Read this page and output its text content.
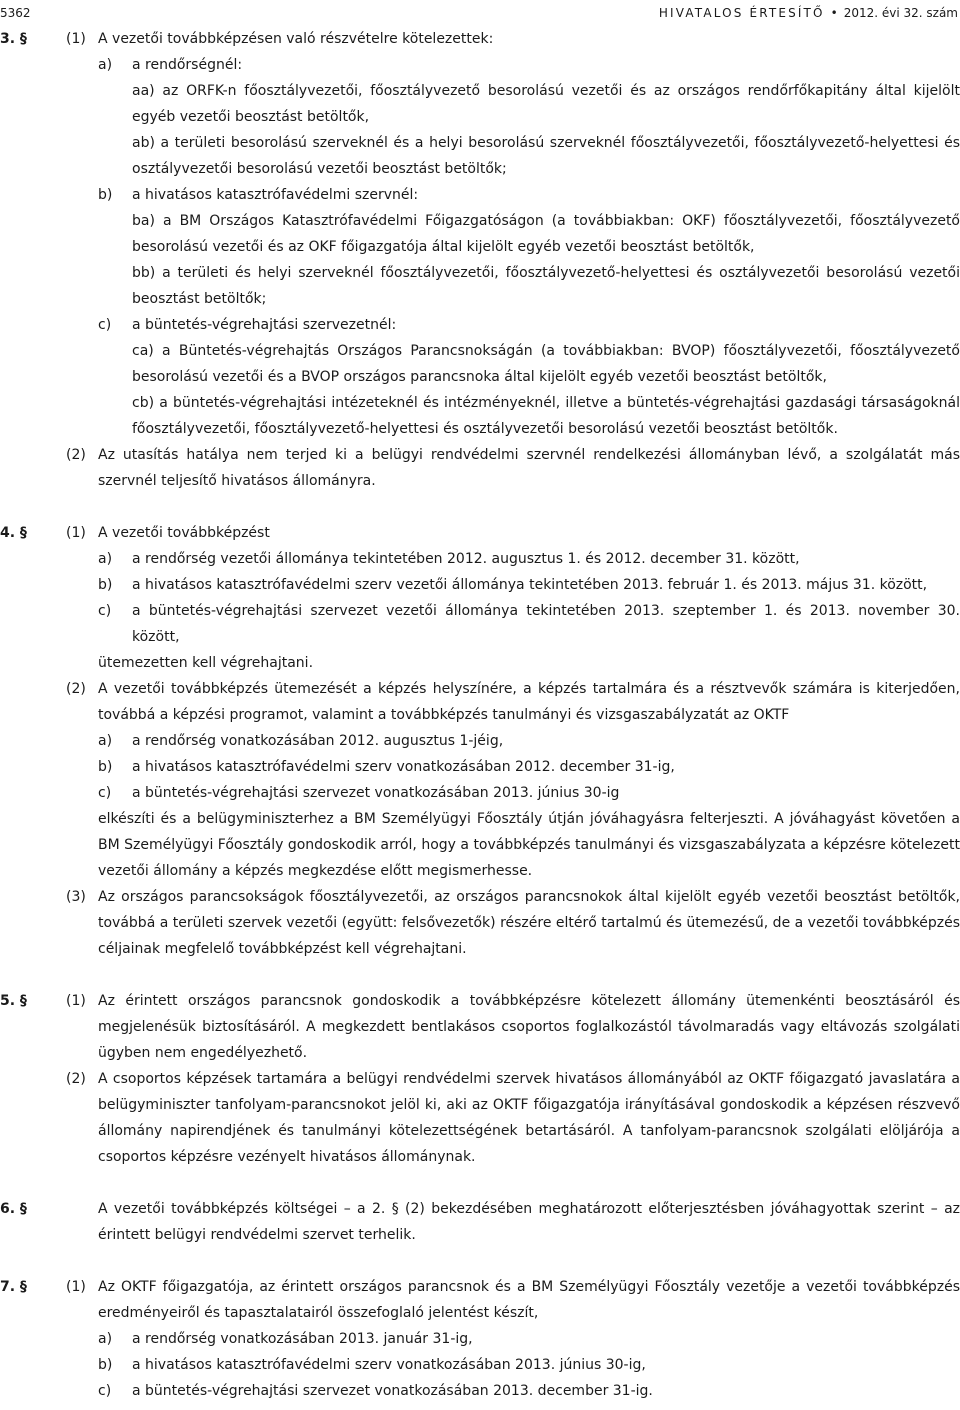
5362	HIVATALOS ÉRTESÍTŐ • 2012. évi 32. szám
3. §	(1) A vezetői továbbképzésen való részvételre kötelezettek:
a) a rendőrségnél:
aa) az ORFK-n főosztályvezetői, főosztályvezető besorolású vezetői és az országos rendőrfőkapitány által kijelölt egyéb vezetői beosztást betöltők,
ab) a területi besorolású szerveknél és a helyi besorolású szerveknél főosztályvezetői, főosztályvezető-helyettesi és osztályvezetői besorolású vezetői beosztást betöltők;
b) a hivatásos katasztrófavédelmi szervnél:
ba) a BM Országos Katasztrófavédelmi Főigazgatóságon (a továbbiakban: OKF) főosztályvezetői, főosztályvezető besorolású vezetői és az OKF főigazgatója által kijelölt egyéb vezetői beosztást betöltők,
bb) a területi és helyi szerveknél főosztályvezetői, főosztályvezető-helyettesi és osztályvezetői besorolású vezetői beosztást betöltők;
c) a büntetés-végrehajtási szervezetnél:
ca) a Büntetés-végrehajtás Országos Parancsnokságán (a továbbiakban: BVOP) főosztályvezetői, főosztályvezető besorolású vezetői és a BVOP országos parancsnoka által kijelölt egyéb vezetői beosztást betöltők,
cb) a büntetés-végrehajtási intézeteknél és intézményeknél, illetve a büntetés-végrehajtási gazdasági társaságoknál főosztályvezetői, főosztályvezető-helyettesi és osztályvezetői besorolású vezetői beosztást betöltők.
(2) Az utasítás hatálya nem terjed ki a belügyi rendvédelmi szervnél rendelkezési állományban lévő, a szolgálatát más szervnél teljesítő hivatásos állományra.
4. §	(1) A vezetői továbbképzést
a) a rendőrség vezetői állománya tekintetében 2012. augusztus 1. és 2012. december 31. között,
b) a hivatásos katasztrófavédelmi szerv vezetői állománya tekintetében 2013. február 1. és 2013. május 31. között,
c) a büntetés-végrehajtási szervezet vezetői állománya tekintetében 2013. szeptember 1. és 2013. november 30. között,
ütemezetten kell végrehajtani.
(2) A vezetői továbbképzés ütemezését a képzés helyszínére, a képzés tartalmára és a résztvevők számára is kiterjedően, továbbá a képzési programot, valamint a továbbképzés tanulmányi és vizsgaszabályzatát az OKTF
a) a rendőrség vonatkozásában 2012. augusztus 1-jéig,
b) a hivatásos katasztrófavédelmi szerv vonatkozásában 2012. december 31-ig,
c) a büntetés-végrehajtási szervezet vonatkozásában 2013. június 30-ig
elkészíti és a belügyminiszterhez a BM Személyügyi Főosztály útján jóváhagyásra felterjeszti. A jóváhagyást követően a BM Személyügyi Főosztály gondoskodik arról, hogy a továbbképzés tanulmányi és vizsgaszabályzata a képzésre kötelezett vezetői állomány a képzés megkezdése előtt megismerhesse.
(3) Az országos parancsokságok főosztályvezetői, az országos parancsnokok által kijelölt egyéb vezetői beosztást betöltők, továbbá a területi szervek vezetői (együtt: felsővezetők) részére eltérő tartalmú és ütemezésű, de a vezetői továbbképzés céljainak megfelelő továbbképzést kell végrehajtani.
5. §	(1) Az érintett országos parancsnok gondoskodik a továbbképzésre kötelezett állomány ütemenkénti beosztásáról és megjelenésük biztosításáról. A megkezdett bentlakásos csoportos foglalkozástól távolmaradás vagy eltávozás szolgálati ügyben nem engedélyezhető.
(2) A csoportos képzések tartamára a belügyi rendvédelmi szervek hivatásos állományából az OKTF főigazgató javaslatára a belügyminiszter tanfolyam-parancsnokot jelöl ki, aki az OKTF főigazgatója irányításával gondoskodik a képzésen részvevő állomány napirendjének és tanulmányi kötelezettségének betartásáról. A tanfolyam-parancsnok szolgálati elöljárója a csoportos képzésre vezényelt hivatásos állománynak.
6. §	A vezetői továbbképzés költségei – a 2. § (2) bekezdésében meghatározott előterjesztésben jóváhagyottak szerint – az érintett belügyi rendvédelmi szervet terhelik.
7. §	(1) Az OKTF főigazgatója, az érintett országos parancsnok és a BM Személyügyi Főosztály vezetője a vezetői továbbképzés eredményeiről és tapasztalatairól összefoglaló jelentést készít,
a) a rendőrség vonatkozásában 2013. január 31-ig,
b) a hivatásos katasztrófavédelmi szerv vonatkozásában 2013. június 30-ig,
c) a büntetés-végrehajtási szervezet vonatkozásában 2013. december 31-ig.
